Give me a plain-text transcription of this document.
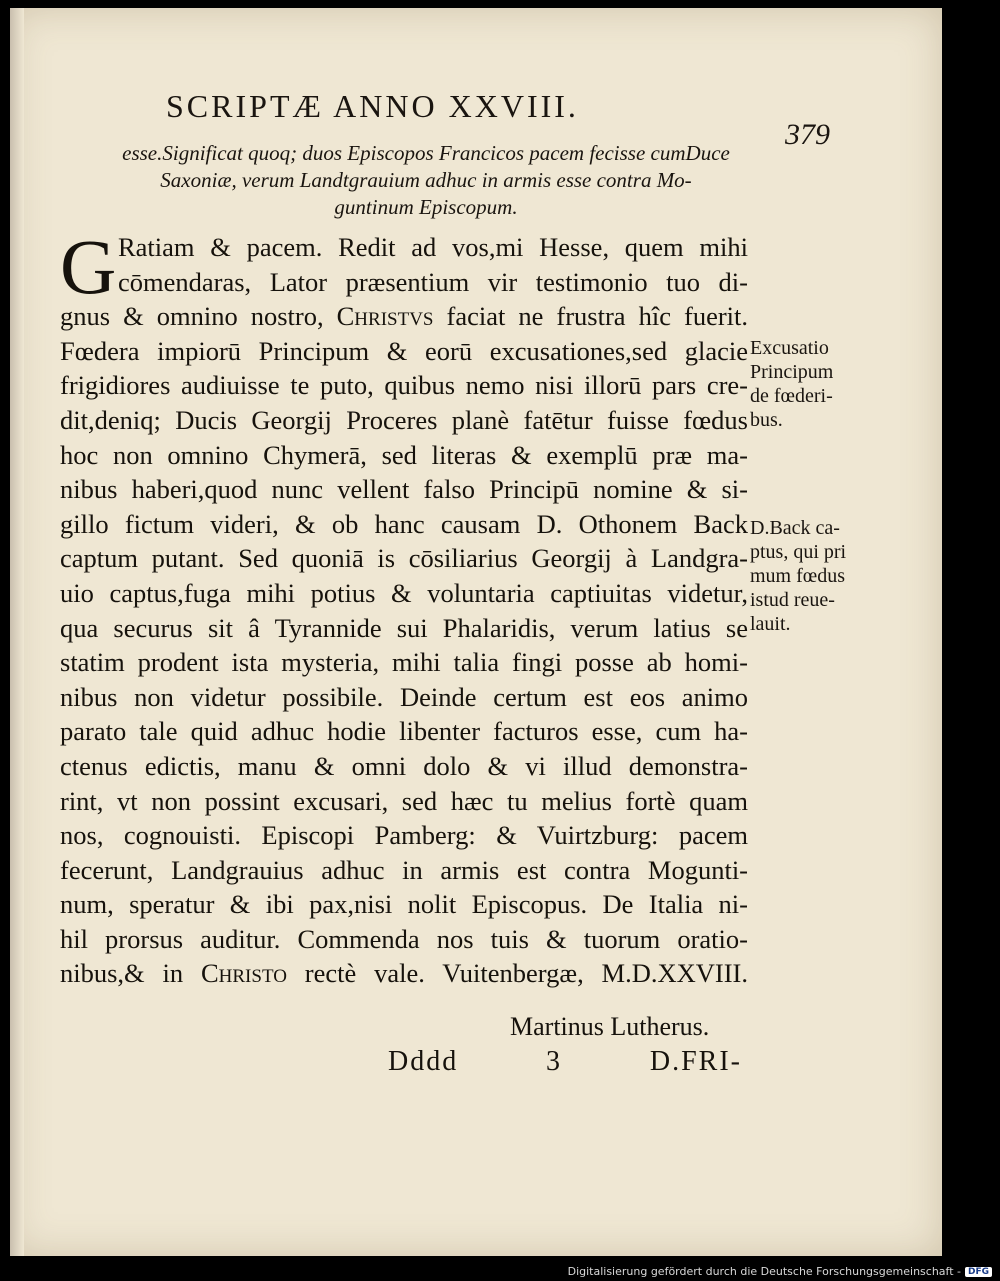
SCRIPTÆ ANNO XXVIII.
379
esse.Significat quoq; duos Episcopos Francicos pacem fecisse cumDuce
Saxoniæ, verum Landtgrauium adhuc in armis esse contra Mo-
guntinum Episcopum.
G Ratiam & pacem. Redit ad vos,mi Hesse, quem mihi
cōmendaras, Lator præsentium vir testimonio tuo di-
gnus & omnino nostro, Christvs faciat ne frustra hîc fuerit.
Fœdera impiorū Principum & eorū excusationes,sed glacie
frigidiores audiuisse te puto, quibus nemo nisi illorū pars cre-
dit,deniq; Ducis Georgij Proceres planè fatētur fuisse fœdus
hoc non omnino Chymerā, sed literas & exemplū præ ma-
nibus haberi,quod nunc vellent falso Principū nomine & si-
gillo fictum videri, & ob hanc causam D. Othonem Back
captum putant. Sed quoniā is cōsiliarius Georgij à Landgra-
uio captus,fuga mihi potius & voluntaria captiuitas videtur,
qua securus sit â Tyrannide sui Phalaridis, verum latius se
statim prodent ista mysteria, mihi talia fingi posse ab homi-
nibus non videtur possibile. Deinde certum est eos animo
parato tale quid adhuc hodie libenter facturos esse, cum ha-
ctenus edictis, manu & omni dolo & vi illud demonstra-
rint, vt non possint excusari, sed hæc tu melius fortè quam
nos, cognouisti. Episcopi Pamberg: & Vuirtzburg: pacem
fecerunt, Landgrauius adhuc in armis est contra Mogunti-
num, speratur & ibi pax,nisi nolit Episcopus. De Italia ni-
hil prorsus auditur. Commenda nos tuis & tuorum oratio-
nibus,& in Christo rectè vale. Vuitenbergæ, M.D.XXVIII.
Martinus Lutherus.
Dddd	3	D.FRI-
Excusatio
Principum
de fœderi-
bus.
D.Back ca-
ptus, qui pri
mum fœdus
istud reue-
lauit.
Digitalisierung gefördert durch die Deutsche Forschungsgemeinschaft - DFG
